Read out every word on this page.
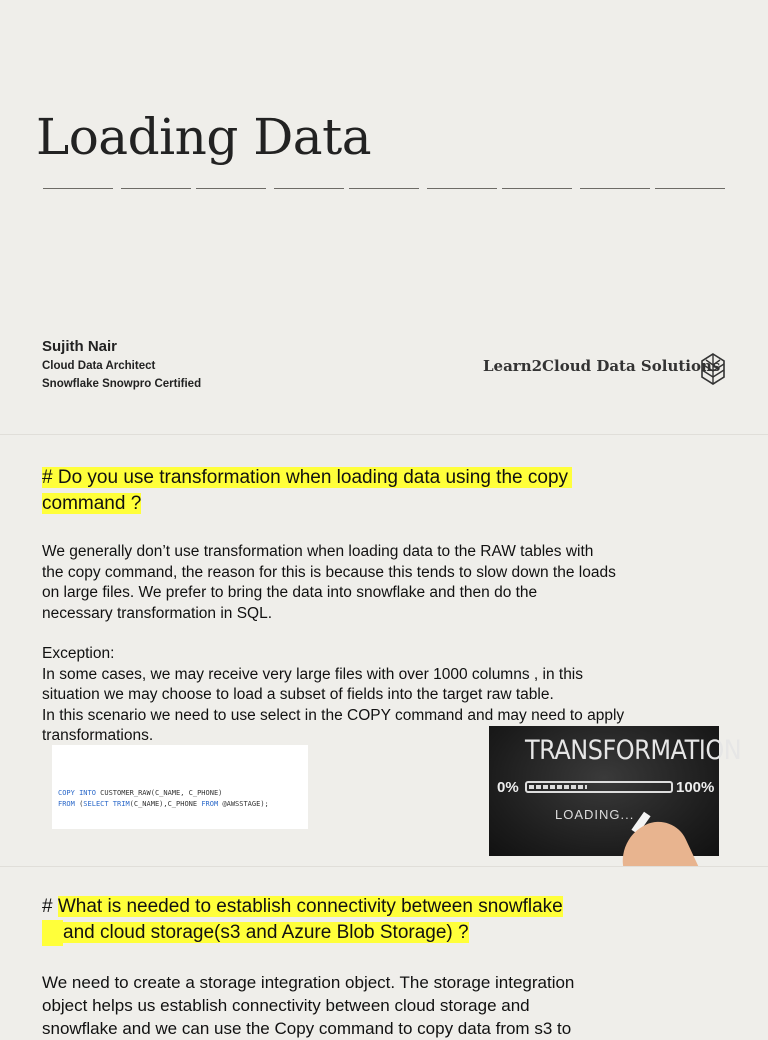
Loading Data
Sujith Nair
Cloud Data Architect
Snowflake Snowpro Certified
Learn2Cloud Data Solutions
# Do you use transformation when loading data using the copy
command ?

We generally don’t use transformation when loading data to the RAW tables with

the copy command, the reason for this is because this tends to slow down the loads

on large files. We prefer to bring the data into snowflake and then do the

necessary transformation in SQL.

Exception:

In some cases, we may receive very large files with over 1000 columns , in this

situation we may choose to load a subset of fields into the target raw table.

In this scenario we need to use select in the COPY command and may need to apply

transformations.

COPY INTO CUSTOMER_RAW(C_NAME, C_PHONE)
FROM (SELECT TRIM(C_NAME),C_PHONE FROM @AWSSTAGE);
TRANSFORMATION
0%	100%
LOADING...
# What is needed to establish connectivity between snowflake
and cloud storage(s3 and Azure Blob Storage) ?

We need to create a storage integration object. The storage integration

object helps us establish connectivity between cloud storage and

snowflake and we can use the Copy command to copy data from s3 to
